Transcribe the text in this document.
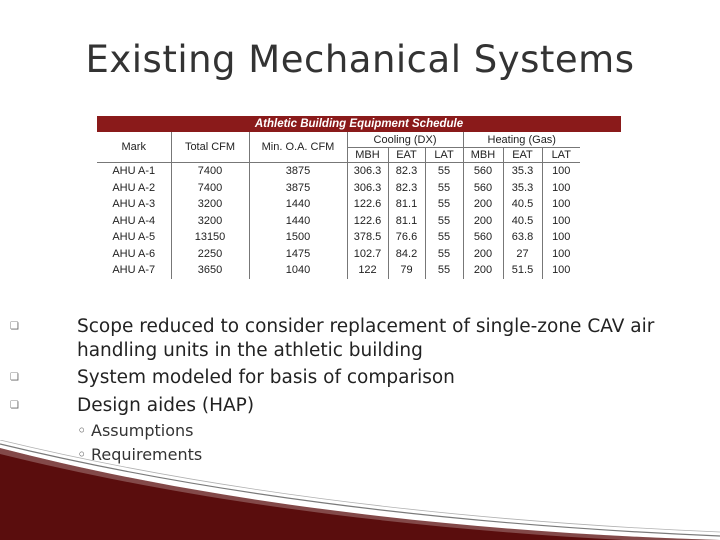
Existing Mechanical Systems
Athletic Building Equipment Schedule
Mark	Total CFM	Min. O.A. CFM	Cooling (DX)			Heating (Gas)		
			MBH	EAT	LAT	MBH	EAT	LAT
AHU A-1	7400	3875	306.3	82.3	55	560	35.3	100
AHU A-2	7400	3875	306.3	82.3	55	560	35.3	100
AHU A-3	3200	1440	122.6	81.1	55	200	40.5	100
AHU A-4	3200	1440	122.6	81.1	55	200	40.5	100
AHU A-5	13150	1500	378.5	76.6	55	560	63.8	100
AHU A-6	2250	1475	102.7	84.2	55	200	27	100
AHU A-7	3650	1040	122	79	55	200	51.5	100
❏	Scope reduced to consider replacement of single-zone CAV air handling units in the athletic building
❏	System modeled for basis of comparison
❏	Design aides (HAP)
◦ Assumptions
◦ Requirements
